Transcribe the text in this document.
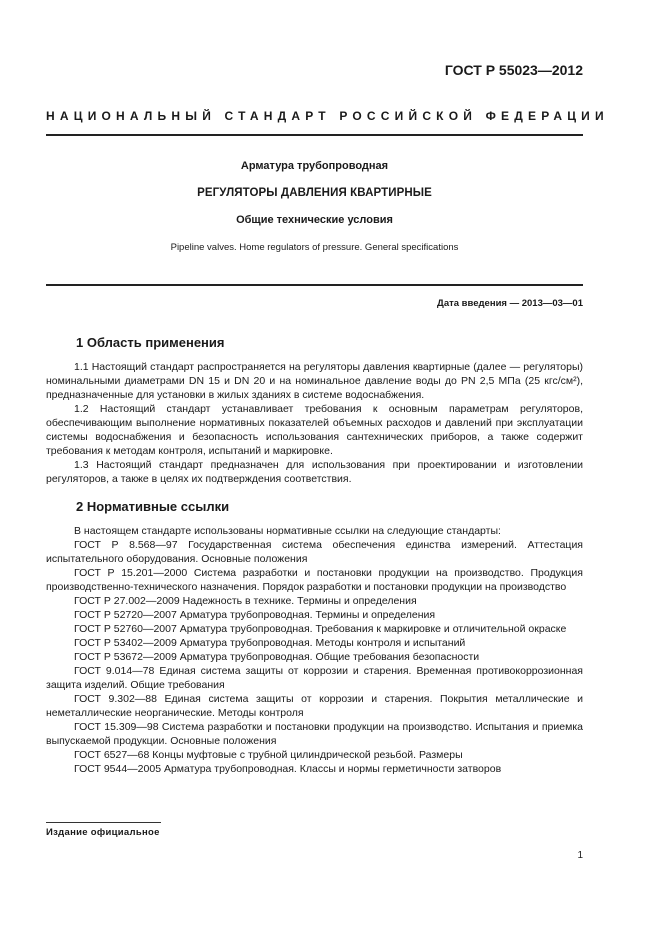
ГОСТ Р 55023—2012
НАЦИОНАЛЬНЫЙ СТАНДАРТ РОССИЙСКОЙ ФЕДЕРАЦИИ
Арматура трубопроводная
РЕГУЛЯТОРЫ ДАВЛЕНИЯ КВАРТИРНЫЕ
Общие технические условия
Pipeline valves. Home regulators of pressure. General specifications
Дата введения — 2013—03—01
1 Область применения

1.1 Настоящий стандарт распространяется на регуляторы давления квартирные (далее — регуляторы) номинальными диаметрами DN 15 и DN 20 и на номинальное давление воды до PN 2,5 МПа (25 кгс/см²), предназначенные для установки в жилых зданиях в системе водоснабжения.

1.2 Настоящий стандарт устанавливает требования к основным параметрам регуляторов, обеспечивающим выполнение нормативных показателей объемных расходов и давлений при эксплуатации системы водоснабжения и безопасность использования сантехнических приборов, а также содержит требования к методам контроля, испытаний и маркировке.

1.3 Настоящий стандарт предназначен для использования при проектировании и изготовлении регуляторов, а также в целях их подтверждения соответствия.

2 Нормативные ссылки

В настоящем стандарте использованы нормативные ссылки на следующие стандарты:

ГОСТ Р 8.568—97 Государственная система обеспечения единства измерений. Аттестация испытательного оборудования. Основные положения

ГОСТ Р 15.201—2000 Система разработки и постановки продукции на производство. Продукция производственно-технического назначения. Порядок разработки и постановки продукции на производство

ГОСТ Р 27.002—2009 Надежность в технике. Термины и определения

ГОСТ Р 52720—2007 Арматура трубопроводная. Термины и определения

ГОСТ Р 52760—2007 Арматура трубопроводная. Требования к маркировке и отличительной окраске

ГОСТ Р 53402—2009 Арматура трубопроводная. Методы контроля и испытаний

ГОСТ Р 53672—2009 Арматура трубопроводная. Общие требования безопасности

ГОСТ 9.014—78 Единая система защиты от коррозии и старения. Временная противокоррозионная защита изделий. Общие требования

ГОСТ 9.302—88 Единая система защиты от коррозии и старения. Покрытия металлические и неметаллические неорганические. Методы контроля

ГОСТ 15.309—98 Система разработки и постановки продукции на производство. Испытания и приемка выпускаемой продукции. Основные положения

ГОСТ 6527—68 Концы муфтовые с трубной цилиндрической резьбой. Размеры

ГОСТ 9544—2005 Арматура трубопроводная. Классы и нормы герметичности затворов

Издание официальное
1
